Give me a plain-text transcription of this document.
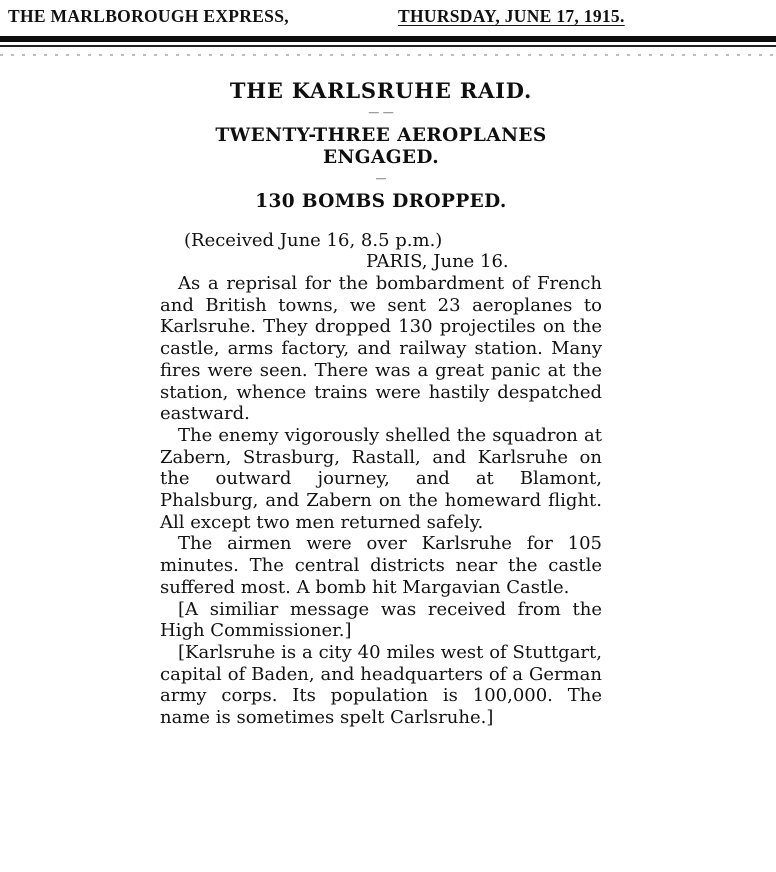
THE MARLBOROUGH EXPRESS,	THURSDAY, JUNE 17, 1915.
THE KARLSRUHE RAID.
— —
TWENTY-THREE AEROPLANES ENGAGED.
—
130 BOMBS DROPPED.
(Received June 16, 8.5 p.m.)
PARIS, June 16.

As a reprisal for the bombardment of French and British towns, we sent 23 aeroplanes to Karlsruhe. They dropped 130 projectiles on the castle, arms factory, and railway station. Many fires were seen. There was a great panic at the station, whence trains were hastily despatched eastward.

The enemy vigorously shelled the squadron at Zabern, Strasburg, Rastall, and Karlsruhe on the outward journey, and at Blamont, Phalsburg, and Zabern on the homeward flight. All except two men returned safely.

The airmen were over Karlsruhe for 105 minutes. The central districts near the castle suffered most. A bomb hit Margavian Castle.

[A similiar message was received from the High Commissioner.]

[Karlsruhe is a city 40 miles west of Stuttgart, capital of Baden, and headquarters of a German army corps. Its population is 100,000. The name is sometimes spelt Carlsruhe.]
